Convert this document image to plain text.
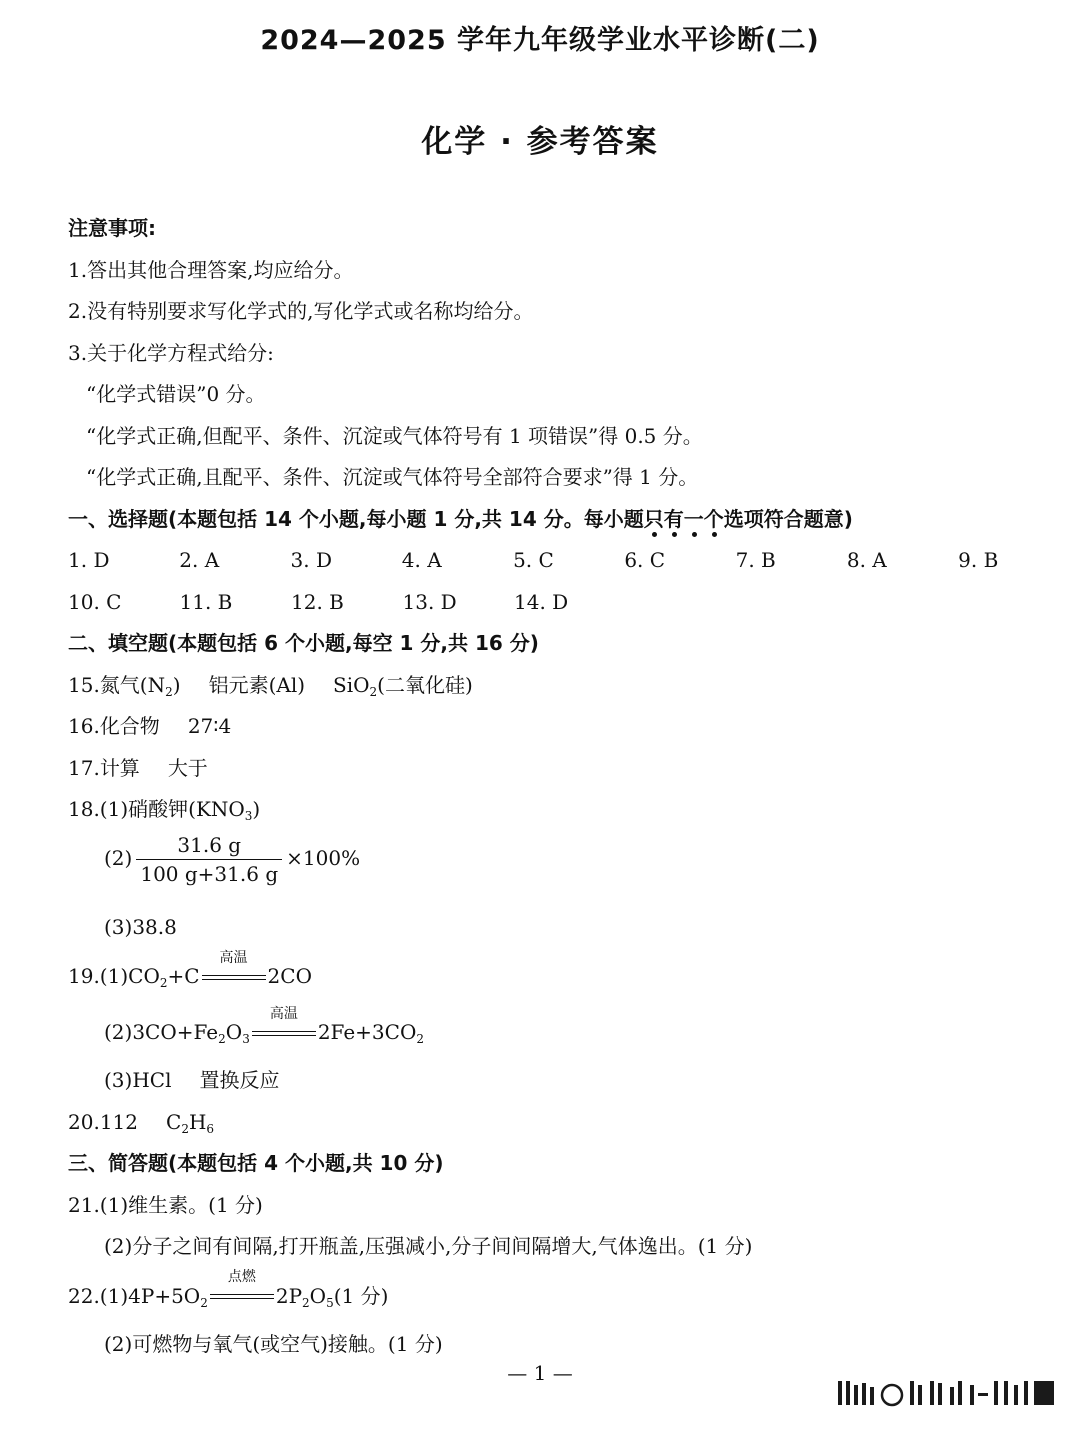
2024—2025 学年九年级学业水平诊断(二)
化学 · 参考答案
注意事项:
1.答出其他合理答案,均应给分。
2.没有特别要求写化学式的,写化学式或名称均给分。
3.关于化学方程式给分:
“化学式错误”0 分。
“化学式正确,但配平、条件、沉淀或气体符号有 1 项错误”得 0.5 分。
“化学式正确,且配平、条件、沉淀或气体符号全部符合要求”得 1 分。
一、选择题(本题包括 14 个小题,每小题 1 分,共 14 分。每小题只有一个选项符合题意)
1. D	2. A	3. D	4. A	5. C	6. C	7. B	8. A	9. B
10. C	11. B	12. B	13. D	14. D
二、填空题(本题包括 6 个小题,每空 1 分,共 16 分)
15.氮气$(N_2)$ 铝元素(Al) SiO$_2$(二氧化硅)
16.化合物 27∶4
17.计算 大于
18.(1)硝酸钾$(KNO_3)$
$(2) \frac{31.6 g}{100 g+31.6 g} \times 100\%$
(3)38.8
$19.(1)CO_2+C$
高温
2CO
$(2)3CO+Fe_2O_3$
高温
$2Fe+3CO_2$
(3)HCl 置换反应
20.112 $C_2H_6$
三、简答题(本题包括 4 个小题,共 10 分)
21.(1)维生素。(1 分)
(2)分子之间有间隔,打开瓶盖,压强减小,分子间间隔增大,气体逸出。(1 分)
$22.(1)4P+5O_2$
点燃
$2P_2O_5(1$ 分)
(2)可燃物与氧气(或空气)接触。(1 分)
— 1 —
